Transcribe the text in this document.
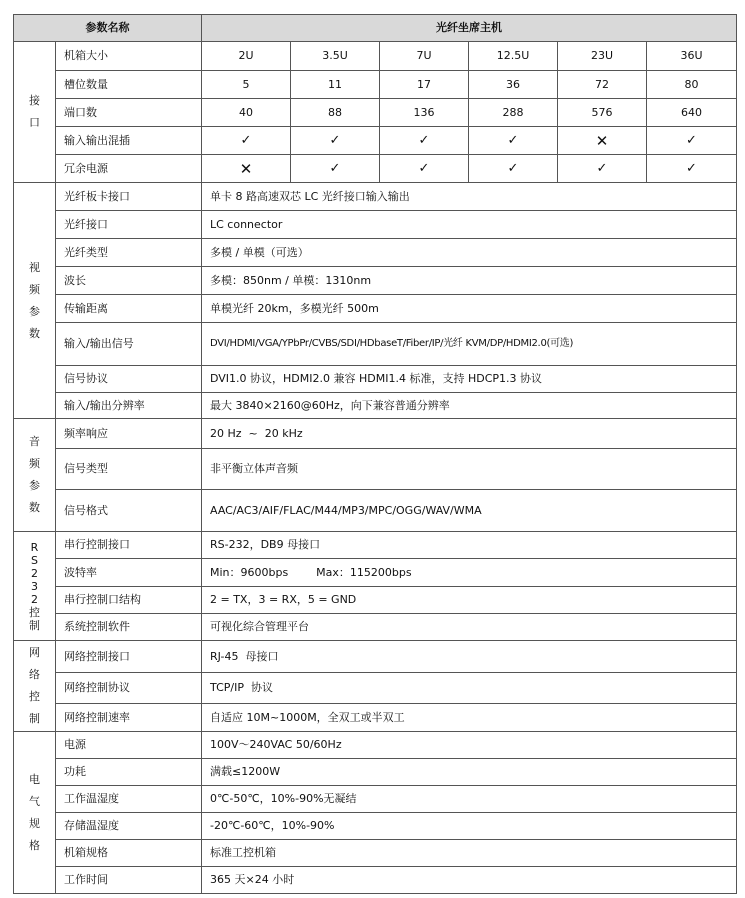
参数名称		光纤坐席主机					

接口	机箱大小	2U	3.5U	7U	12.5U	23U	36U
	槽位数量	5	11	17	36	72	80
	端口数	40	88	136	288	576	640
	输入输出混插	✓	✓	✓	✓	✕	✓
	冗余电源	✕	✓	✓	✓	✓	✓

视频参数	光纤板卡接口	单卡 8 路高速双芯 LC 光纤接口输入输出					
	光纤接口	LC connector					
	光纤类型	多模 / 单模（可选）					
	波长	多模：850nm / 单模：1310nm					
	传输距离	单模光纤 20km，多模光纤 500m					
	输入/输出信号	DVI/HDMI/VGA/YPbPr/CVBS/SDI/HDbaseT/Fiber/IP/光纤 KVM/DP/HDMI2.0(可选)					
	信号协议	DVI1.0 协议，HDMI2.0 兼容 HDMI1.4 标准，支持 HDCP1.3 协议					
	输入/输出分辨率	最大 3840×2160@60Hz，向下兼容普通分辨率					

音频参数	频率响应	20 Hz  ~  20 kHz					
	信号类型	非平衡立体声音频					
	信号格式	AAC/AC3/AIF/FLAC/M44/MP3/MPC/OGG/WAV/WMA					

RS232控制	串行控制接口	RS-232，DB9 母接口					
	波特率	Min：9600bps        Max：115200bps					
	串行控制口结构	2 = TX，3 = RX，5 = GND					
	系统控制软件	可视化综合管理平台					

网络控制	网络控制接口	RJ-45  母接口					
	网络控制协议	TCP/IP  协议					
	网络控制速率	自适应 10M~1000M，全双工或半双工					

电气规格	电源	100V～240VAC 50/60Hz					
	功耗	满载≤1200W					
	工作温湿度	0℃-50℃，10%-90%无凝结					
	存储温湿度	-20℃-60℃，10%-90%					
	机箱规格	标准工控机箱					
	工作时间	365 天×24 小时					
